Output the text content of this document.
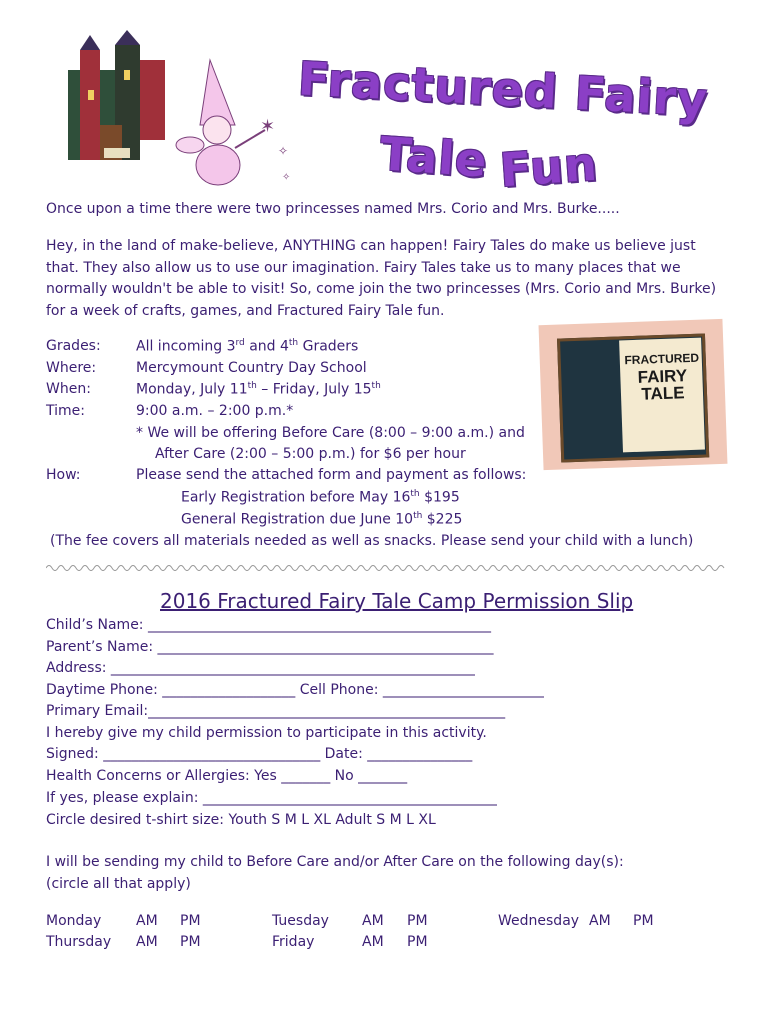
✶
✧
✧
Fractured Fairy
Tale Fun
Once upon a time there were two princesses named Mrs. Corio and Mrs. Burke.....
Hey, in the land of make-believe, ANYTHING can happen! Fairy Tales do make us believe just
that. They also allow us to use our imagination. Fairy Tales take us to many places that we
normally wouldn't be able to visit! So, come join the two princesses (Mrs. Corio and Mrs. Burke)
for a week of crafts, games, and Fractured Fairy Tale fun.
Grades:	All incoming 3rd and 4th Graders
Where:	Mercymount Country Day School
When:	Monday, July 11th – Friday, July 15th
Time:	9:00 a.m. – 2:00 p.m.*
* We will be offering Before Care (8:00 – 9:00 a.m.) and
After Care (2:00 – 5:00 p.m.) for $6 per hour
How:	Please send the attached form and payment as follows:
Early Registration before May 16th $195
General Registration due June 10th $225
(The fee covers all materials needed as well as snacks. Please send your child with a lunch)
FRACTURED
FAIRY
TALE
2016 Fractured Fairy Tale Camp Permission Slip
Child’s Name: _________________________________________________
Parent’s Name: ________________________________________________
Address: ____________________________________________________
Daytime Phone: ___________________ Cell Phone: _______________________
Primary Email:___________________________________________________
I hereby give my child permission to participate in this activity.
Signed: _______________________________ Date: _______________
Health Concerns or Allergies: Yes _______ No _______
If yes, please explain: __________________________________________
Circle desired t-shirt size: Youth S M L XL Adult S M L XL
I will be sending my child to Before Care and/or After Care on the following day(s):
(circle all that apply)
Monday AM PM	Tuesday AM PM	Wednesday AM PM
Thursday AM PM	Friday	AM PM
